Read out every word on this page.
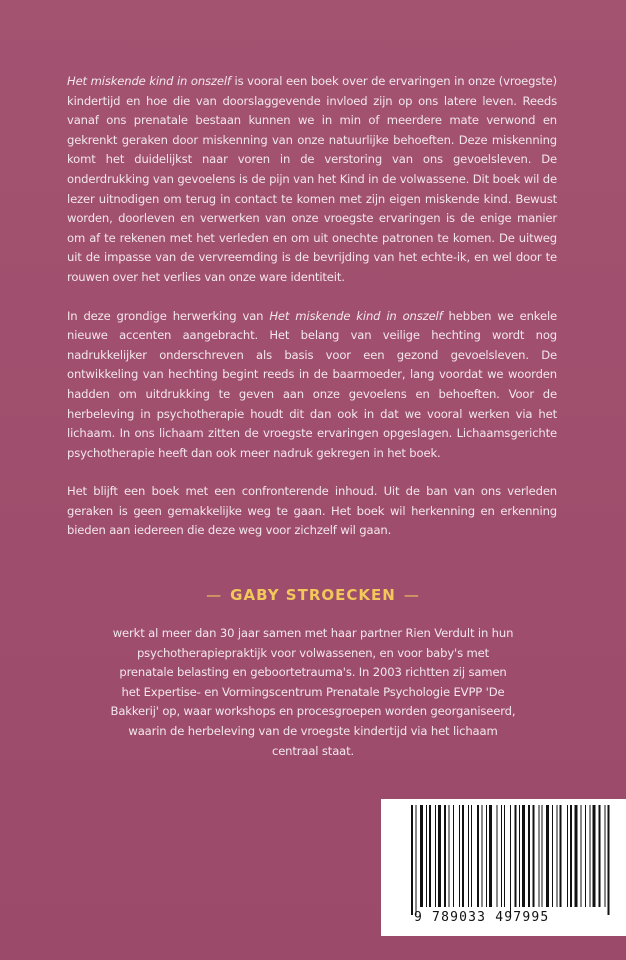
Het miskende kind in onszelf is vooral een boek over de ervaringen in onze (vroegste) kindertijd en hoe die van doorslaggevende invloed zijn op ons latere leven. Reeds vanaf ons prenatale bestaan kunnen we in min of meerdere mate verwond en gekrenkt geraken door miskenning van onze natuurlijke behoeften. Deze miskenning komt het duidelijkst naar voren in de verstoring van ons gevoelsleven. De onderdrukking van gevoelens is de pijn van het Kind in de volwassene. Dit boek wil de lezer uitnodigen om terug in contact te komen met zijn eigen miskende kind. Bewust worden, doorleven en verwerken van onze vroegste ervaringen is de enige manier om af te rekenen met het verleden en om uit onechte patronen te komen. De uitweg uit de impasse van de vervreemding is de bevrijding van het echte-ik, en wel door te rouwen over het verlies van onze ware identiteit.

In deze grondige herwerking van Het miskende kind in onszelf hebben we enkele nieuwe accenten aangebracht. Het belang van veilige hechting wordt nog nadrukkelijker onderschreven als basis voor een gezond gevoelsleven. De ontwikkeling van hechting begint reeds in de baarmoeder, lang voordat we woorden hadden om uitdrukking te geven aan onze gevoelens en behoeften. Voor de herbeleving in psychotherapie houdt dit dan ook in dat we vooral werken via het lichaam. In ons lichaam zitten de vroegste ervaringen opgeslagen. Lichaamsgerichte psychotherapie heeft dan ook meer nadruk gekregen in het boek.

Het blijft een boek met een confronterende inhoud. Uit de ban van ons verleden geraken is geen gemakkelijke weg te gaan. Het boek wil herkenning en erkenning bieden aan iedereen die deze weg voor zichzelf wil gaan.

— GABY STROECKEN —
werkt al meer dan 30 jaar samen met haar partner Rien Verdult in hun psychotherapiepraktijk voor volwassenen, en voor baby's met prenatale belasting en geboortetrauma's. In 2003 richtten zij samen het Expertise- en Vormingscentrum Prenatale Psychologie EVPP 'De Bakkerij' op, waar workshops en procesgroepen worden georganiseerd, waarin de herbeleving van de vroegste kindertijd via het lichaam centraal staat.
9 789033 497995
